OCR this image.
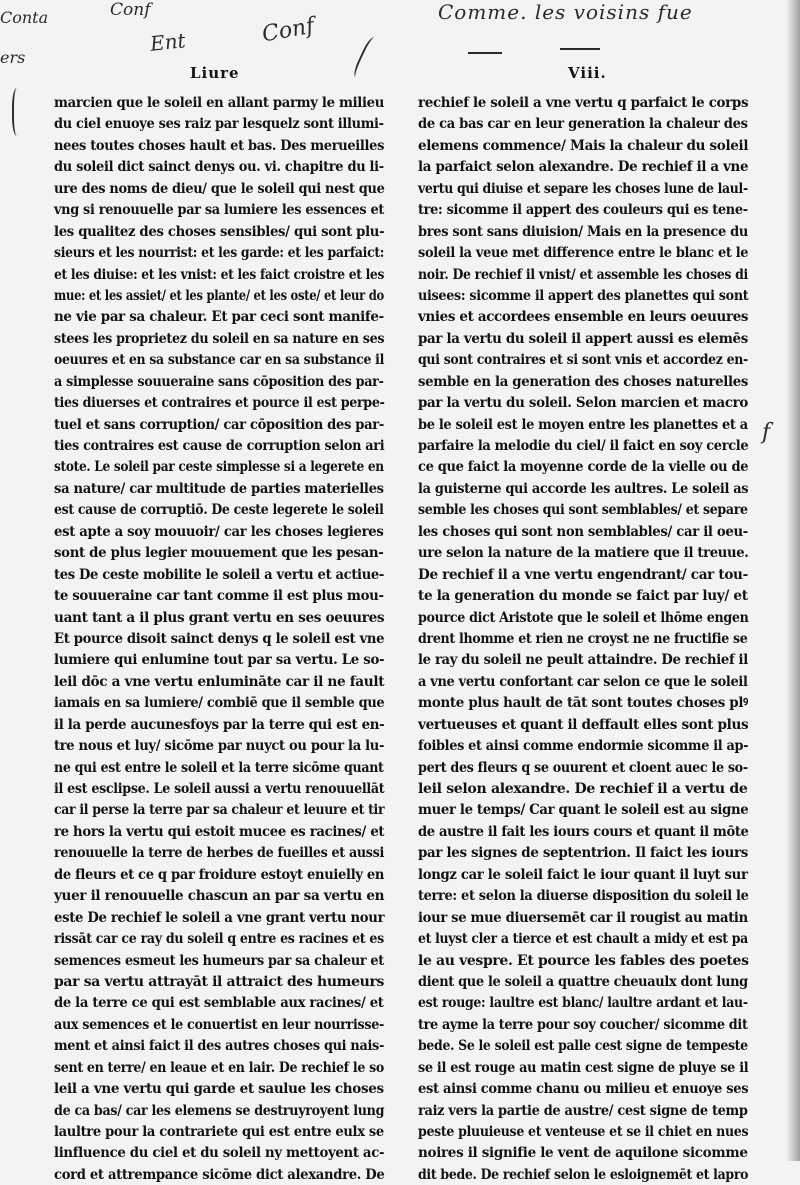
Conta	Conf
Ent	Conf
Comme. les voisins fue
ers
f
Liure	Viii.
marcien que le soleil en allant parmy le milieu
du ciel enuoye ses raiz par lesquelz sont illumi-
nees toutes choses hault et bas. Des merueilles
du soleil dict sainct denys ou. vi. chapitre du li-
ure des noms de dieu/ que le soleil qui nest que
vng si renouuelle par sa lumiere les essences et
les qualitez des choses sensibles/ qui sont plu-
sieurs et les nourrist: et les garde: et les parfaict:
et les diuise: et les vnist: et les faict croistre et les
mue: et les assiet/ et les plante/ et les oste/ et leur do
ne vie par sa chaleur. Et par ceci sont manife-
stees les proprietez du soleil en sa nature en ses
oeuures et en sa substance car en sa substance il
a simplesse souueraine sans cōposition des par-
ties diuerses et contraires et pource il est perpe-
tuel et sans corruption/ car cōposition des par-
ties contraires est cause de corruption selon ari
stote. Le soleil par ceste simplesse si a legerete en
sa nature/ car multitude de parties materielles
est cause de corruptiō. De ceste legerete le soleil
est apte a soy mouuoir/ car les choses legieres
sont de plus legier mouuement que les pesan-
tes De ceste mobilite le soleil a vertu et actiue-
te souueraine car tant comme il est plus mou-
uant tant a il plus grant vertu en ses oeuures
Et pource disoit sainct denys q le soleil est vne
lumiere qui enlumine tout par sa vertu. Le so-
leil dōc a vne vertu enlumināte car il ne fault
iamais en sa lumiere/ combiē que il semble que
il la perde aucunesfoys par la terre qui est en-
tre nous et luy/ sicōme par nuyct ou pour la lu-
ne qui est entre le soleil et la terre sicōme quant
il est esclipse. Le soleil aussi a vertu renouuellāt
car il perse la terre par sa chaleur et leuure et tir
re hors la vertu qui estoit mucee es racines/ et
renouuelle la terre de herbes de fueilles et aussi
de fleurs et ce q par froidure estoyt enuielly en
yuer il renouuelle chascun an par sa vertu en
este De rechief le soleil a vne grant vertu nour
rissāt car ce ray du soleil q entre es racines et es
semences esmeut les humeurs par sa chaleur et
par sa vertu attrayāt il attraict des humeurs
de la terre ce qui est semblable aux racines/ et
aux semences et le conuertist en leur nourrisse-
ment et ainsi faict il des autres choses qui nais-
sent en terre/ en leaue et en lair. De rechief le so
leil a vne vertu qui garde et saulue les choses
de ca bas/ car les elemens se destruyroyent lung
laultre pour la contrariete qui est entre eulx se
linfluence du ciel et du soleil ny mettoyent ac-
cord et attrempance sicōme dict alexandre. De
rechief le soleil a vne vertu q parfaict le corps
de ca bas car en leur generation la chaleur des
elemens commence/ Mais la chaleur du soleil
la parfaict selon alexandre. De rechief il a vne
vertu qui diuise et separe les choses lune de laul-
tre: sicomme il appert des couleurs qui es tene-
bres sont sans diuision/ Mais en la presence du
soleil la veue met difference entre le blanc et le
noir. De rechief il vnist/ et assemble les choses di
uisees: sicomme il appert des planettes qui sont
vnies et accordees ensemble en leurs oeuures
par la vertu du soleil il appert aussi es elemēs
qui sont contraires et si sont vnis et accordez en-
semble en la generation des choses naturelles
par la vertu du soleil. Selon marcien et macro
be le soleil est le moyen entre les planettes et a
parfaire la melodie du ciel/ il faict en soy cercle
ce que faict la moyenne corde de la vielle ou de
la guisterne qui accorde les aultres. Le soleil as
semble les choses qui sont semblables/ et separe
les choses qui sont non semblables/ car il oeu-
ure selon la nature de la matiere que il treuue.
De rechief il a vne vertu engendrant/ car tou-
te la generation du monde se faict par luy/ et
pource dict Aristote que le soleil et lhōme engen
drent lhomme et rien ne croyst ne ne fructifie se
le ray du soleil ne peult attaindre. De rechief il
a vne vertu confortant car selon ce que le soleil
monte plus hault de tāt sont toutes choses plꝰ
vertueuses et quant il deffault elles sont plus
foibles et ainsi comme endormie sicomme il ap-
pert des fleurs q se ouurent et cloent auec le so-
leil selon alexandre. De rechief il a vertu de
muer le temps/ Car quant le soleil est au signe
de austre il fait les iours cours et quant il mōte
par les signes de septentrion. Il faict les iours
longz car le soleil faict le iour quant il luyt sur
terre: et selon la diuerse disposition du soleil le
iour se mue diuersemēt car il rougist au matin
et luyst cler a tierce et est chault a midy et est pa
le au vespre. Et pource les fables des poetes
dient que le soleil a quattre cheuaulx dont lung
est rouge: laultre est blanc/ laultre ardant et lau-
tre ayme la terre pour soy coucher/ sicomme dit
bede. Se le soleil est palle cest signe de tempeste
se il est rouge au matin cest signe de pluye se il
est ainsi comme chanu ou milieu et enuoye ses
raiz vers la partie de austre/ cest signe de temp
peste pluuieuse et venteuse et se il chiet en nues
noires il signifie le vent de aquilone sicomme
dit bede. De rechief selon le esloignemēt et lapro
